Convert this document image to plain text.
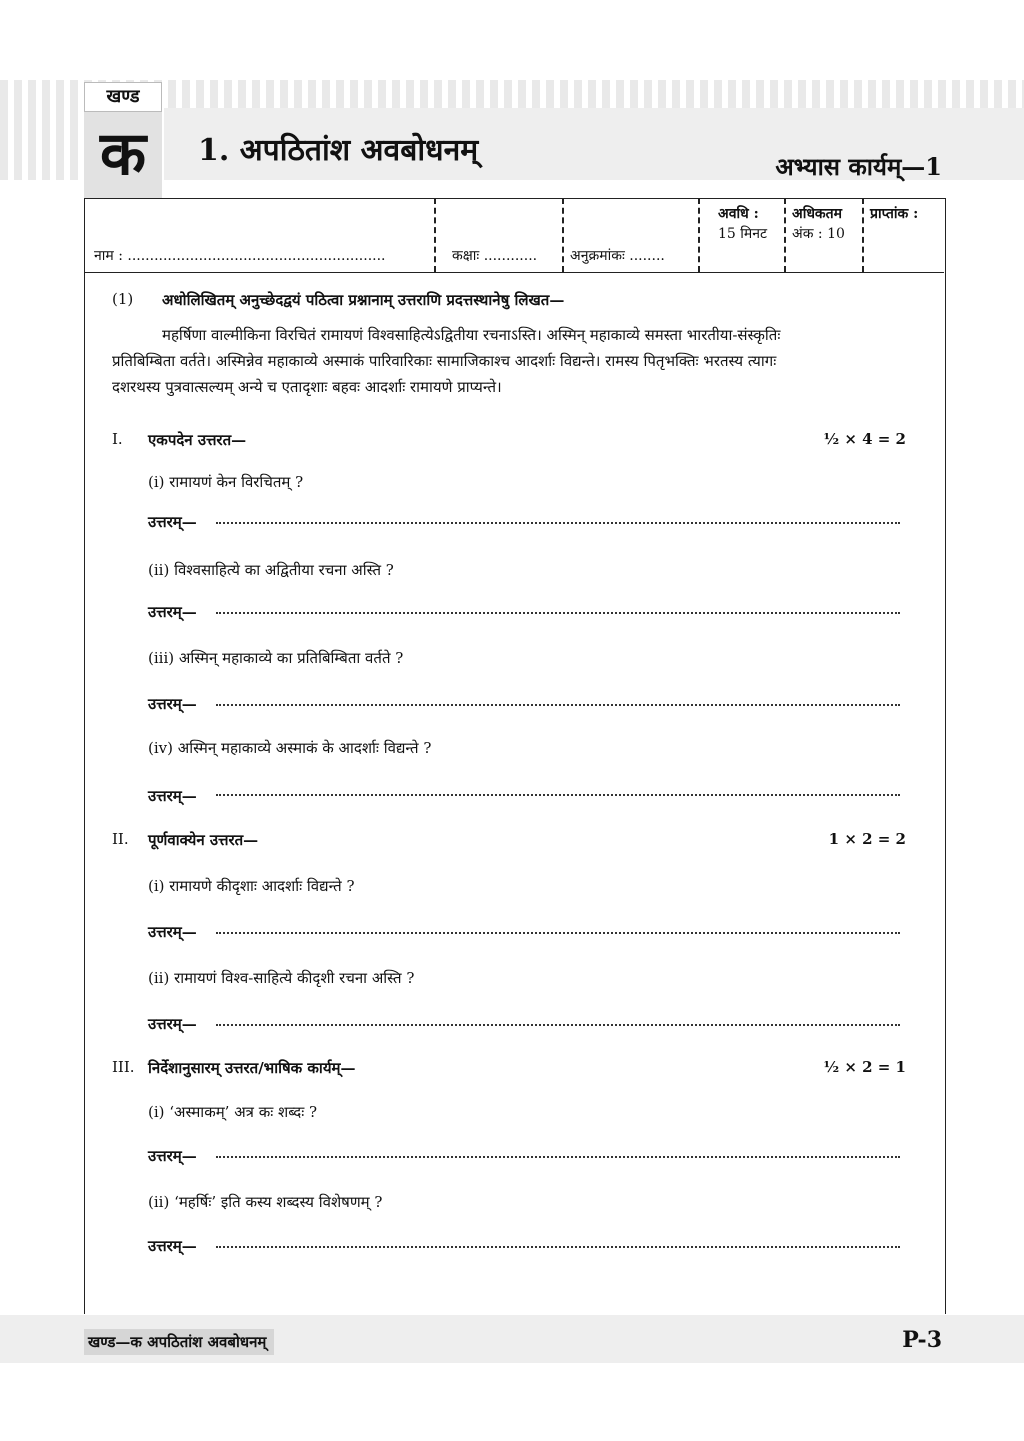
खण्ड
क	1. अपठितांश अवबोधनम्	अभ्यास कार्यम्—1
नाम : ..........................................................	कक्षाः ............ अनुक्रमांकः ........
अवधि :
15 मिनट
अधिकतम
अंक : 10
प्राप्तांक :
(1) अधोलिखितम् अनुच्छेदद्वयं पठित्वा प्रश्नानाम् उत्तराणि प्रदत्तस्थानेषु लिखत—
महर्षिणा वाल्मीकिना विरचितं रामायणं विश्वसाहित्येऽद्वितीया रचनाऽस्ति। अस्मिन् महाकाव्ये समस्ता भारतीया-संस्कृतिः
प्रतिबिम्बिता वर्तते। अस्मिन्नेव महाकाव्ये अस्माकं पारिवारिकाः सामाजिकाश्च आदर्शाः विद्यन्ते। रामस्य पितृभक्तिः भरतस्य त्यागः
दशरथस्य पुत्रवात्सल्यम् अन्ये च एतादृशाः बहवः आदर्शाः रामायणे प्राप्यन्ते।
I. एकपदेन उत्तरत—	½ × 4 = 2
(i) रामायणं केन विरचितम् ?
उत्तरम्—
(ii) विश्वसाहित्ये का अद्वितीया रचना अस्ति ?
उत्तरम्—
(iii) अस्मिन् महाकाव्ये का प्रतिबिम्बिता वर्तते ?
उत्तरम्—
(iv) अस्मिन् महाकाव्ये अस्माकं के आदर्शाः विद्यन्ते ?
उत्तरम्—
II. पूर्णवाक्येन उत्तरत—	1 × 2 = 2
(i) रामायणे कीदृशाः आदर्शाः विद्यन्ते ?
उत्तरम्—
(ii) रामायणं विश्व-साहित्ये कीदृशी रचना अस्ति ?
उत्तरम्—
III. निर्देशानुसारम् उत्तरत/भाषिक कार्यम्—	½ × 2 = 1
(i) ‘अस्माकम्’ अत्र कः शब्दः ?
उत्तरम्—
(ii) ‘महर्षिः’ इति कस्य शब्दस्य विशेषणम् ?
उत्तरम्—
खण्ड—क अपठितांश अवबोधनम्	P-3
